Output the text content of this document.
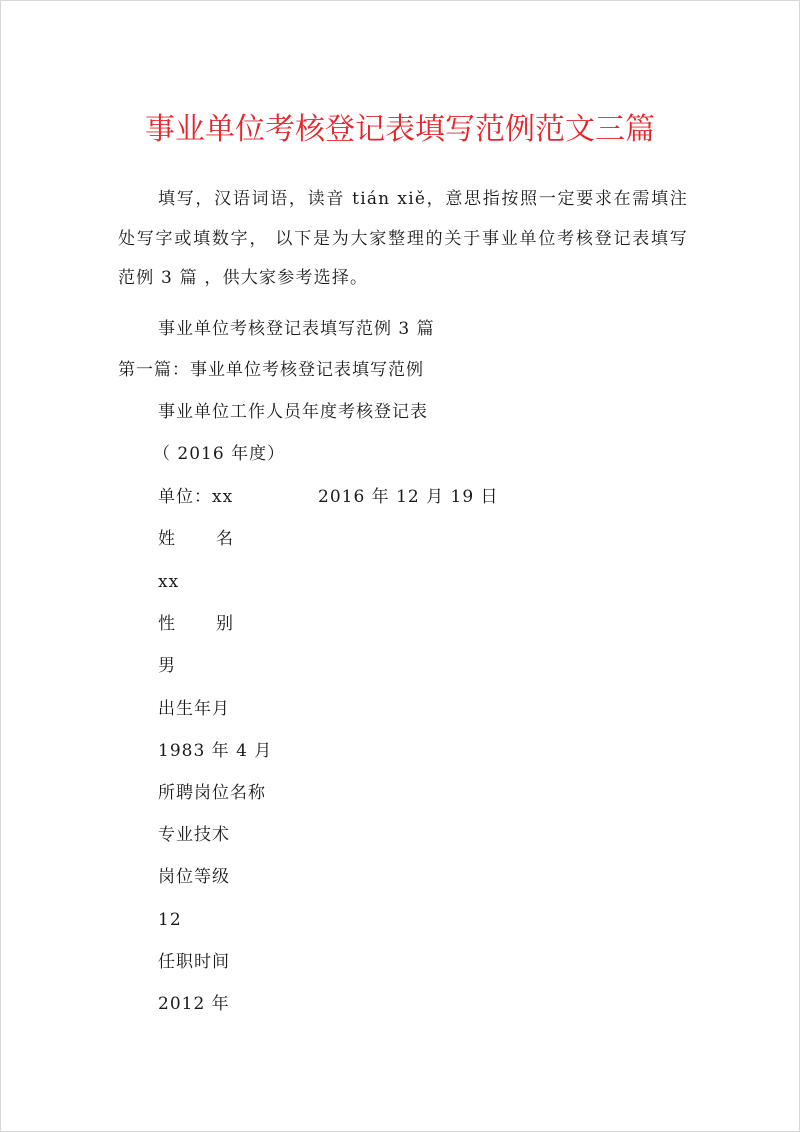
事业单位考核登记表填写范例范文三篇
填写，汉语词语，读音 tián xiě，意思指按照一定要求在需填注处写字或填数字， 以下是为大家整理的关于事业单位考核登记表填写范例 3 篇 ，供大家参考选择。
事业单位考核登记表填写范例 3 篇
第一篇：事业单位考核登记表填写范例
事业单位工作人员年度考核登记表
（ 2016 年度）
单位：xx	2016 年 12 月 19 日
姓 名
xx
性 别
男
出生年月
1983 年 4 月
所聘岗位名称
专业技术
岗位等级
12
任职时间
2012 年
